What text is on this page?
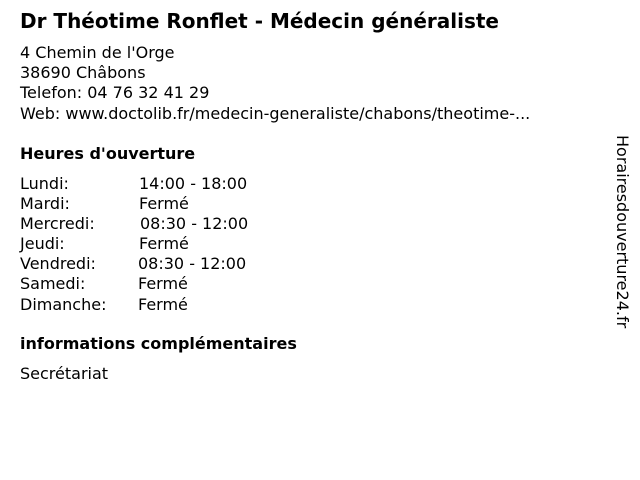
Dr Théotime Ronflet - Médecin généraliste
4 Chemin de l'Orge
38690 Châbons
Telefon: 04 76 32 41 29
Web: www.doctolib.fr/medecin-generaliste/chabons/theotime-...
Heures d'ouverture
Lundi:	14:00 - 18:00
Mardi:	Fermé
Mercredi:	08:30 - 12:00
Jeudi:	Fermé
Vendredi:	08:30 - 12:00
Samedi:	Fermé
Dimanche: Fermé
informations complémentaires
Secrétariat
Horairesdouverture24.fr
